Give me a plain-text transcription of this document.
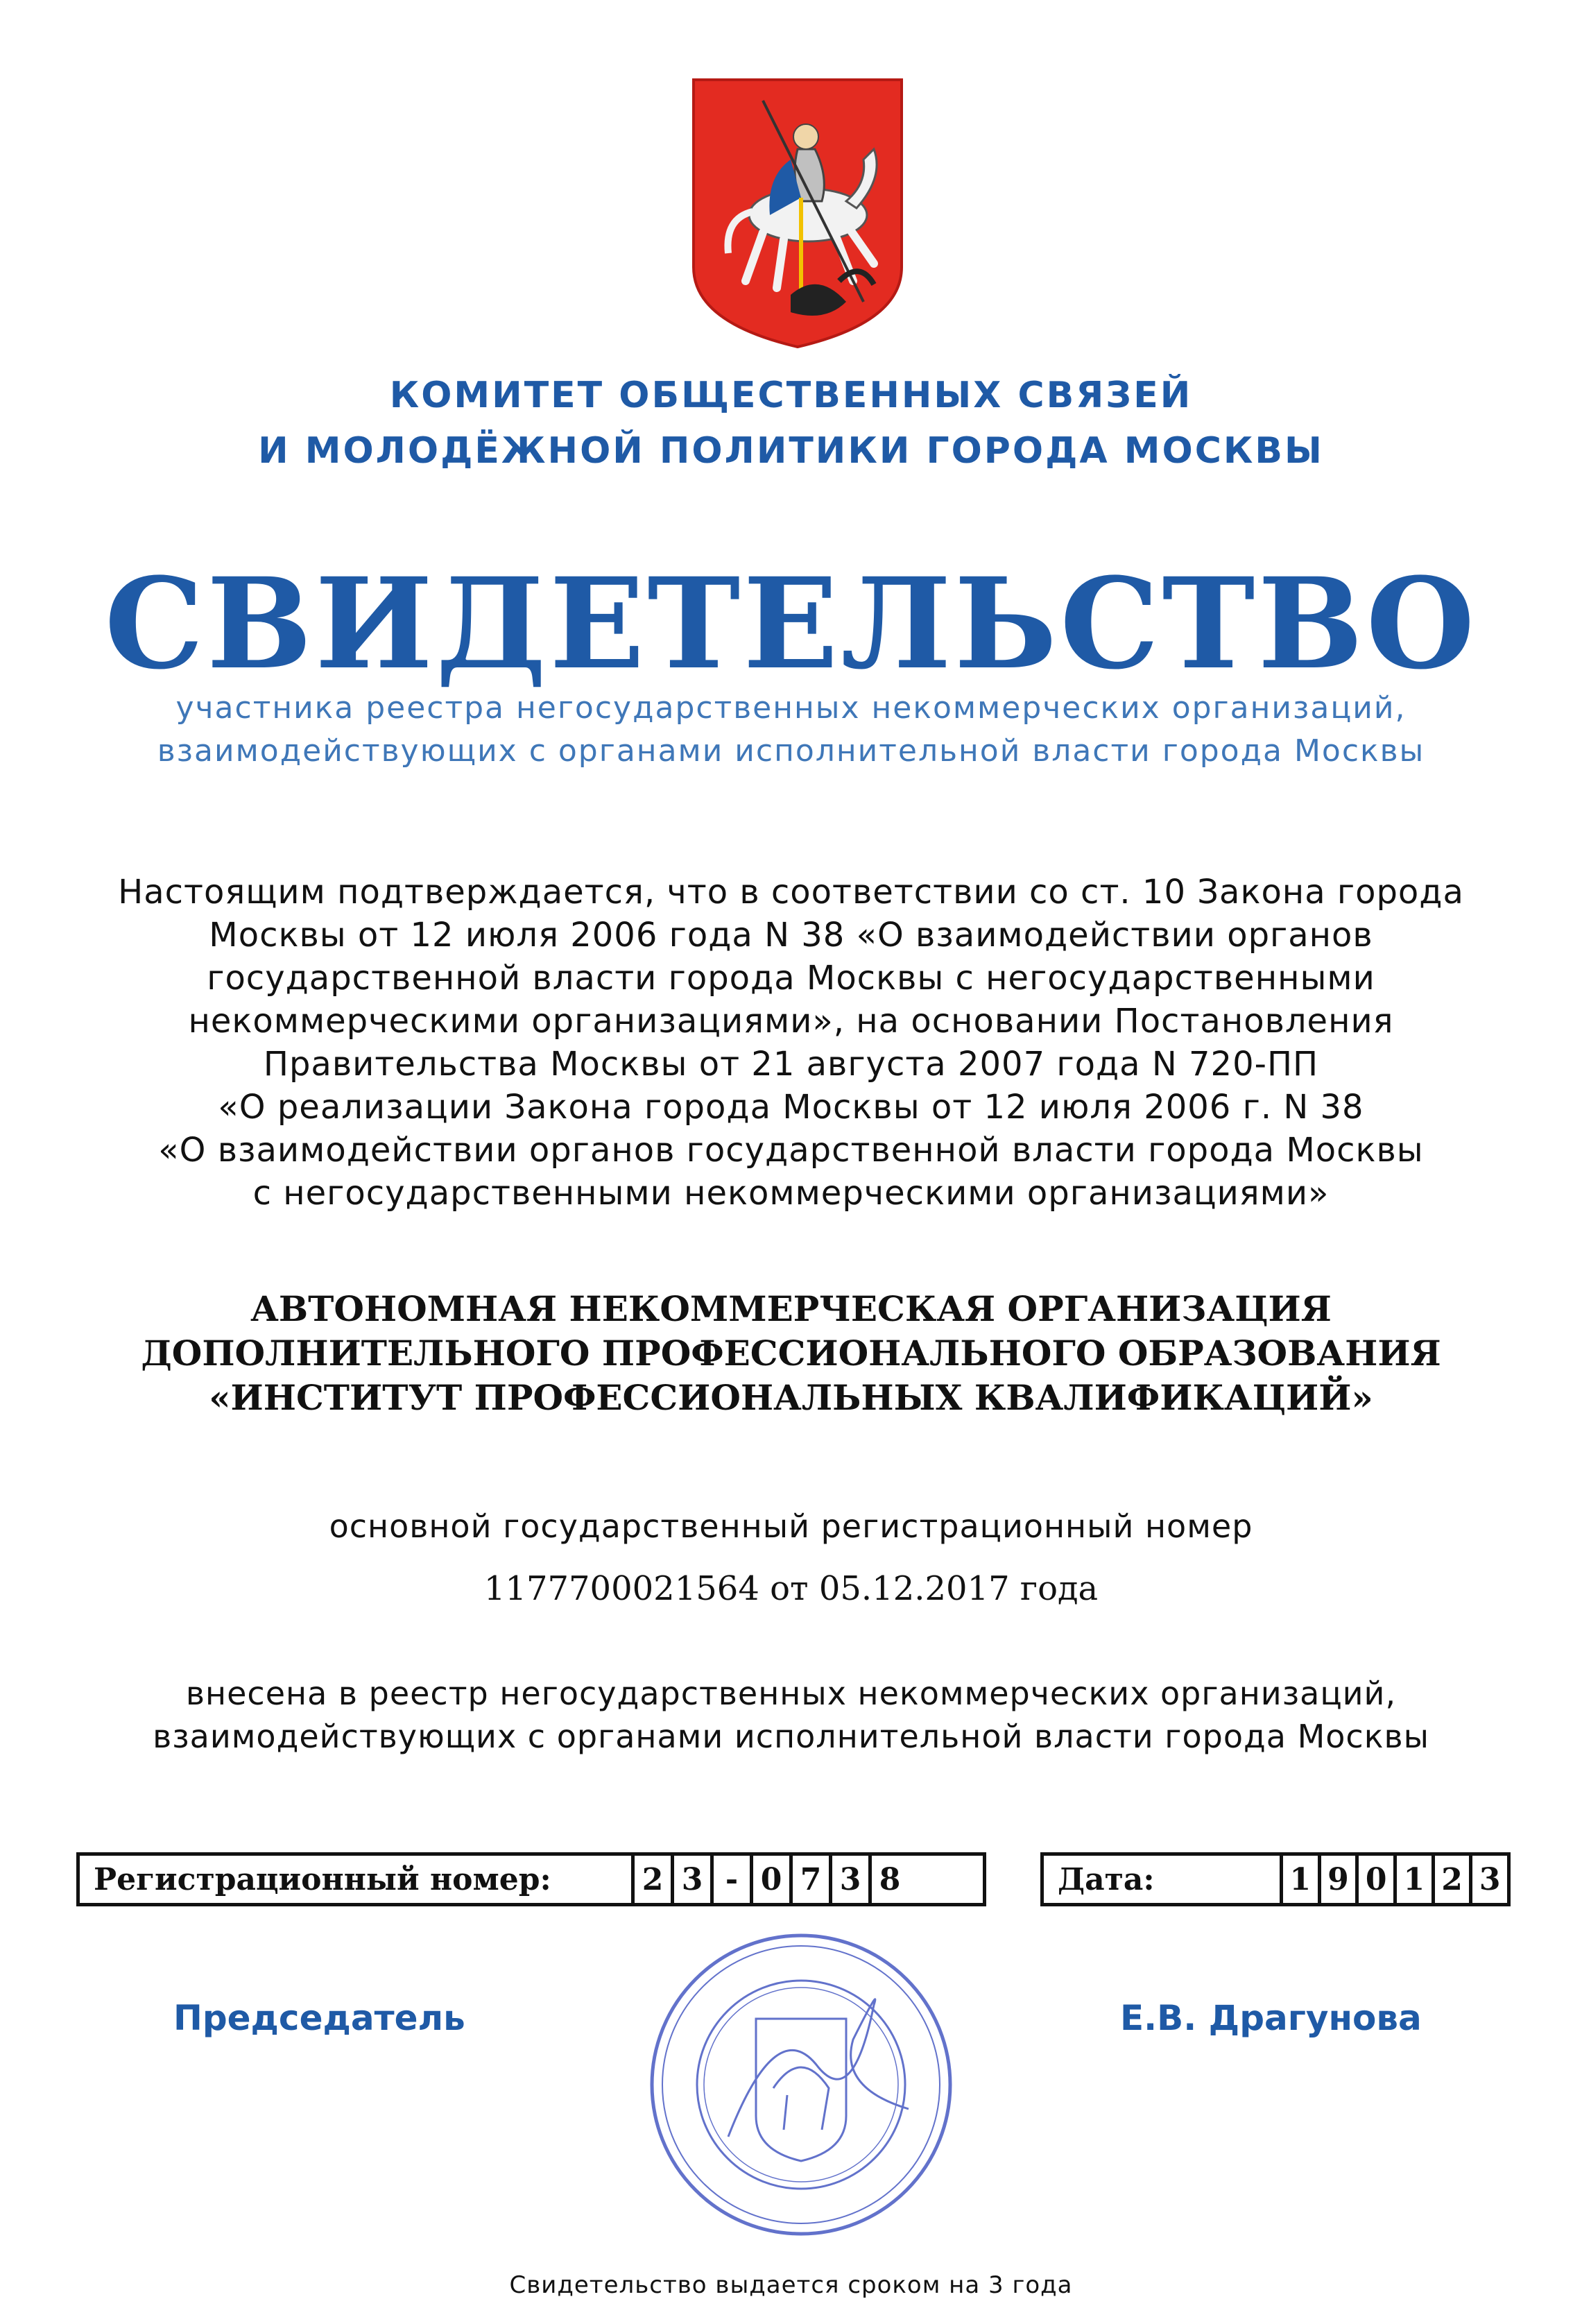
КОМИТЕТ ОБЩЕСТВЕННЫХ СВЯЗЕЙ
И МОЛОДЁЖНОЙ ПОЛИТИКИ ГОРОДА МОСКВЫ
СВИДЕТЕЛЬСТВО
участника реестра негосударственных некоммерческих организаций,
взаимодействующих с органами исполнительной власти города Москвы
Настоящим подтверждается, что в соответствии со ст. 10 Закона города
Москвы от 12 июля 2006 года N 38 «О взаимодействии органов
государственной власти города Москвы с негосударственными
некоммерческими организациями», на основании Постановления
Правительства Москвы от 21 августа 2007 года N 720-ПП
«О реализации Закона города Москвы от 12 июля 2006 г. N 38
«О взаимодействии органов государственной власти города Москвы
с негосударственными некоммерческими организациями»
АВТОНОМНАЯ НЕКОММЕРЧЕСКАЯ ОРГАНИЗАЦИЯ
ДОПОЛНИТЕЛЬНОГО ПРОФЕССИОНАЛЬНОГО ОБРАЗОВАНИЯ
«ИНСТИТУТ ПРОФЕССИОНАЛЬНЫХ КВАЛИФИКАЦИЙ»
основной государственный регистрационный номер
1177700021564 от 05.12.2017 года
внесена в реестр негосударственных некоммерческих организаций,
взаимодействующих с органами исполнительной власти города Москвы
Регистрационный номер:	2 3 - 0 7 3 8	Дата:	1 9 0 1 2 3
Председатель	Е.В. Драгунова
Свидетельство выдается сроком на 3 года
